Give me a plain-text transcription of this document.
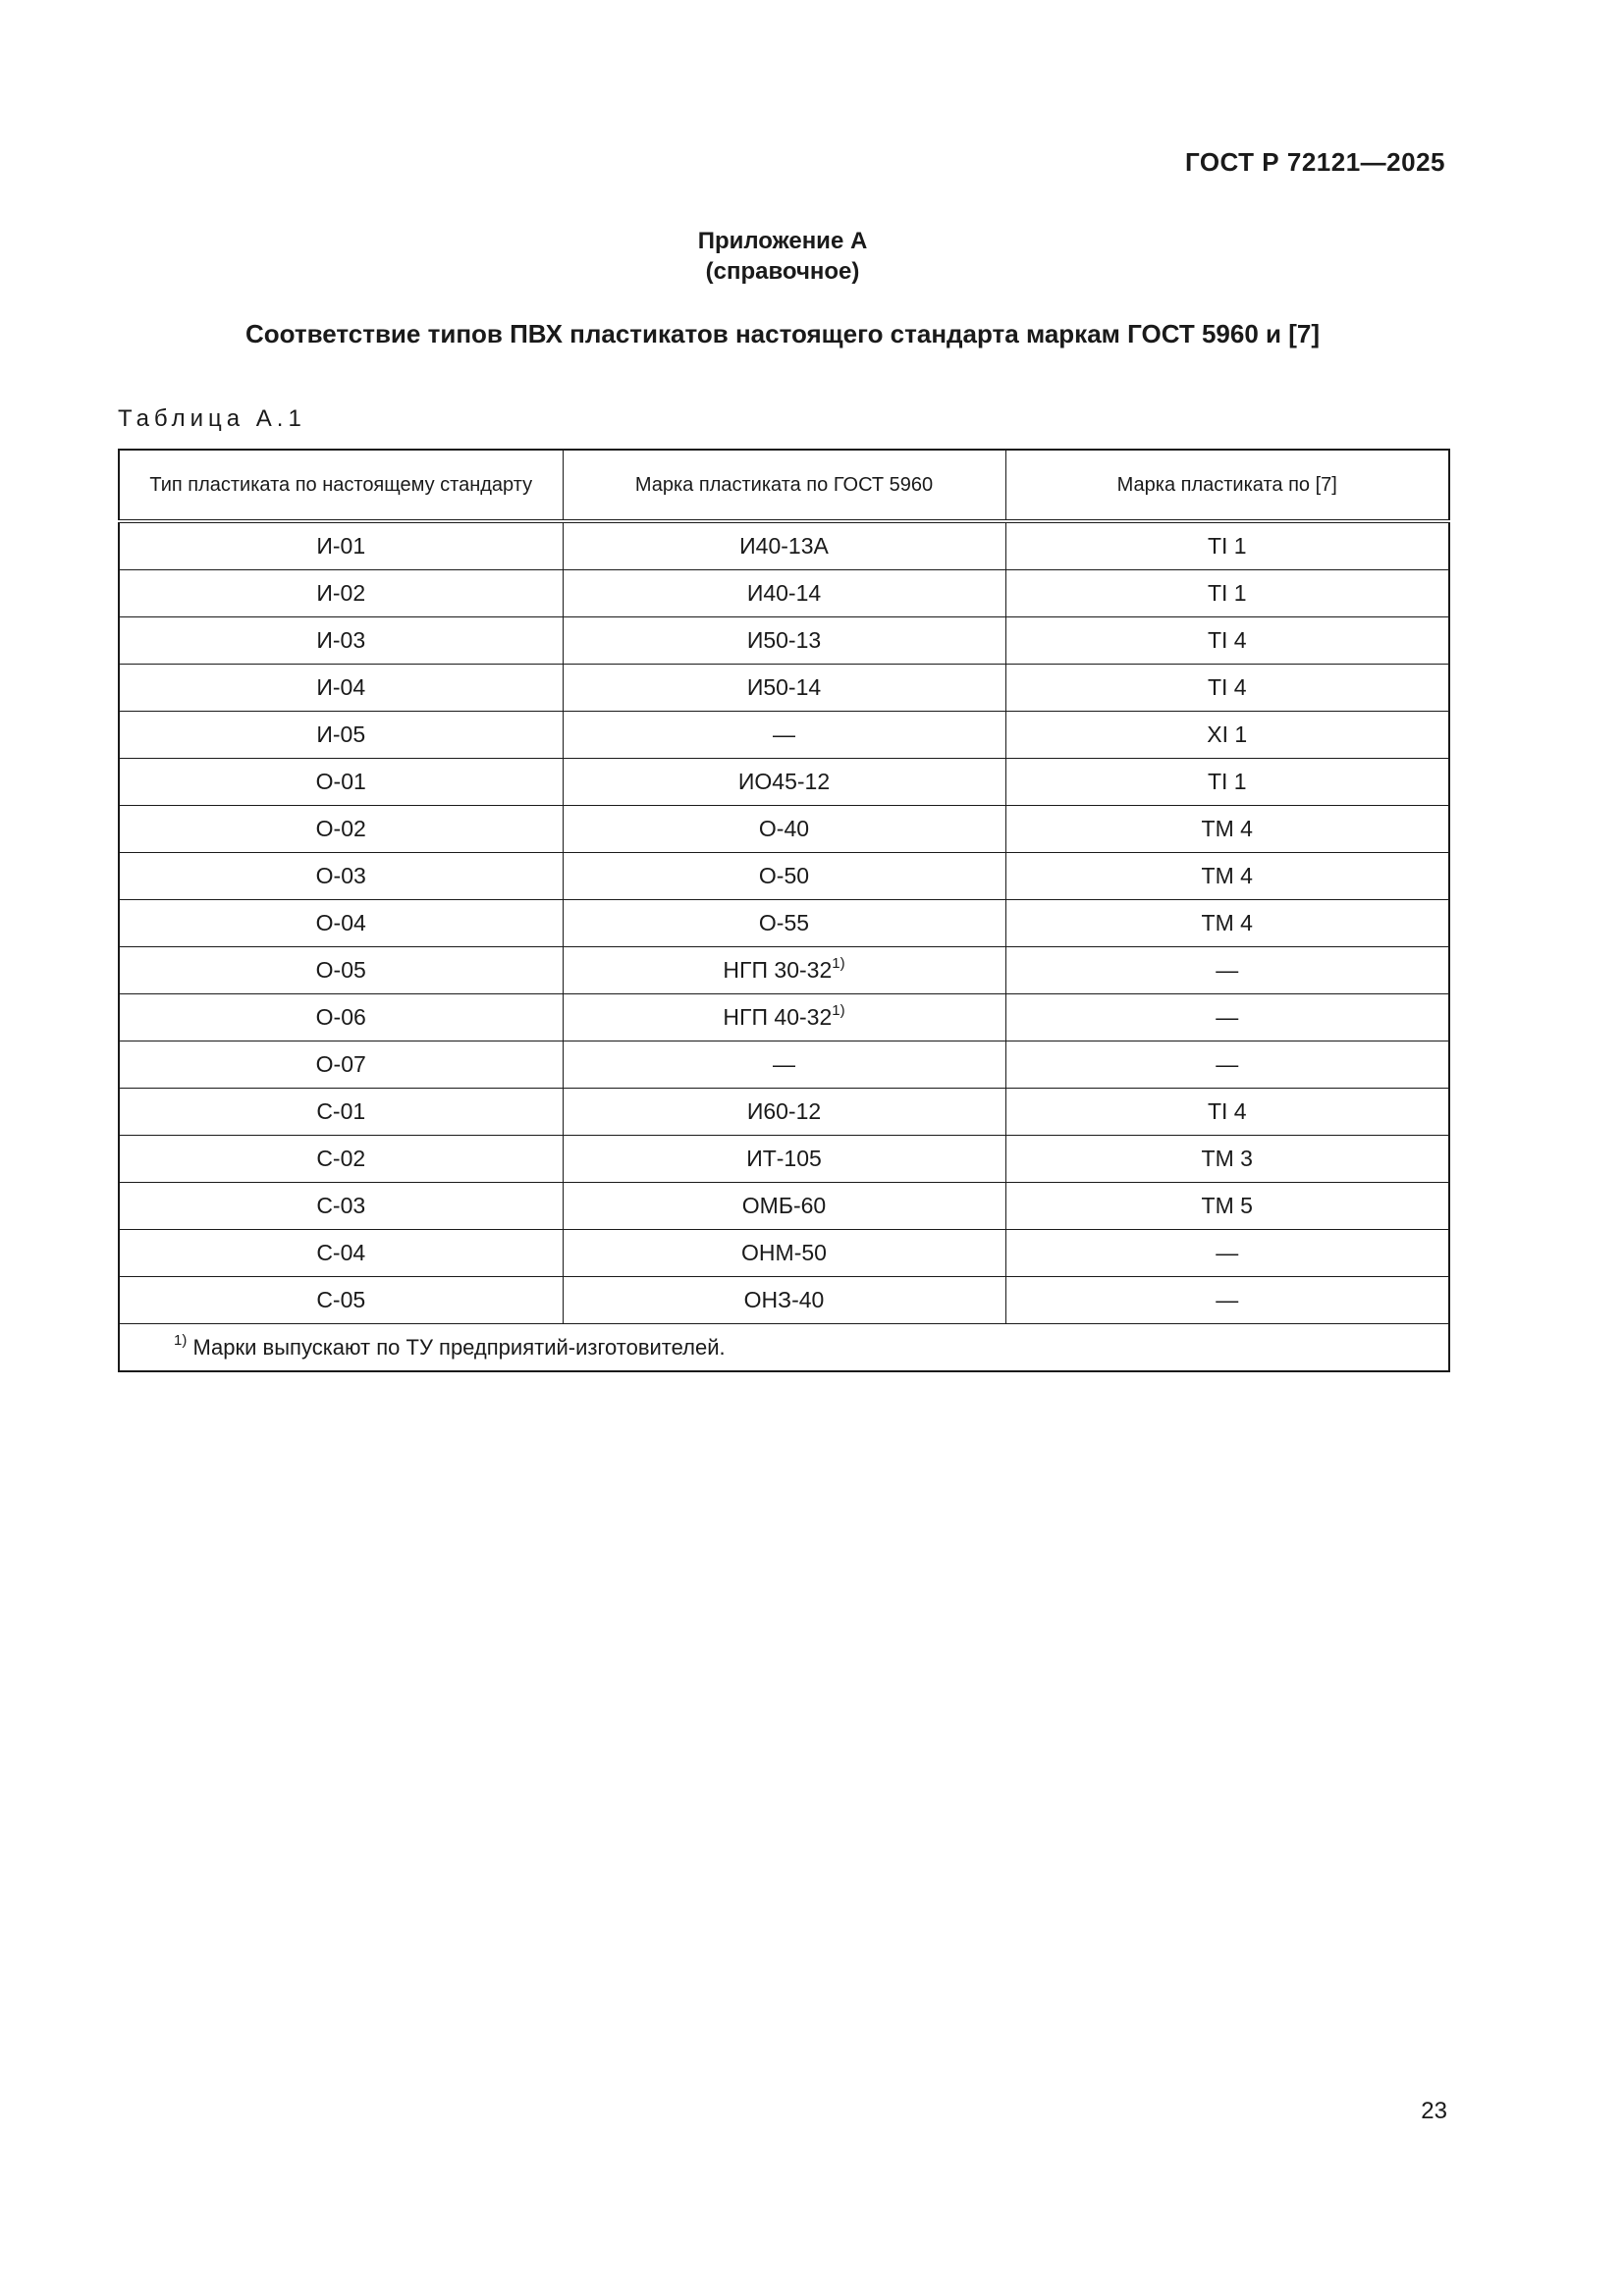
ГОСТ Р 72121—2025
Приложение А
(справочное)
Соответствие типов ПВХ пластикатов настоящего стандарта маркам ГОСТ 5960 и [7]
Таблица А.1
Тип пластиката по настоящему стандарту	Марка пластиката по ГОСТ 5960	Марка пластиката по [7]
И-01	И40-13А	TI 1
И-02	И40-14	TI 1
И-03	И50-13	TI 4
И-04	И50-14	TI 4
И-05	—	XI 1
О-01	ИО45-12	TI 1
О-02	О-40	ТМ 4
О-03	О-50	ТМ 4
О-04	О-55	ТМ 4
О-05	НГП 30-32$^{1)}$	—
О-06	НГП 40-32$^{1)}$	—
О-07	—	—
С-01	И60-12	TI 4
С-02	ИТ-105	ТМ 3
С-03	ОМБ-60	ТМ 5
С-04	ОНМ-50	—
С-05	ОНЗ-40	—
$^{1)}$ Марки выпускают по ТУ предприятий-изготовителей.		
23
